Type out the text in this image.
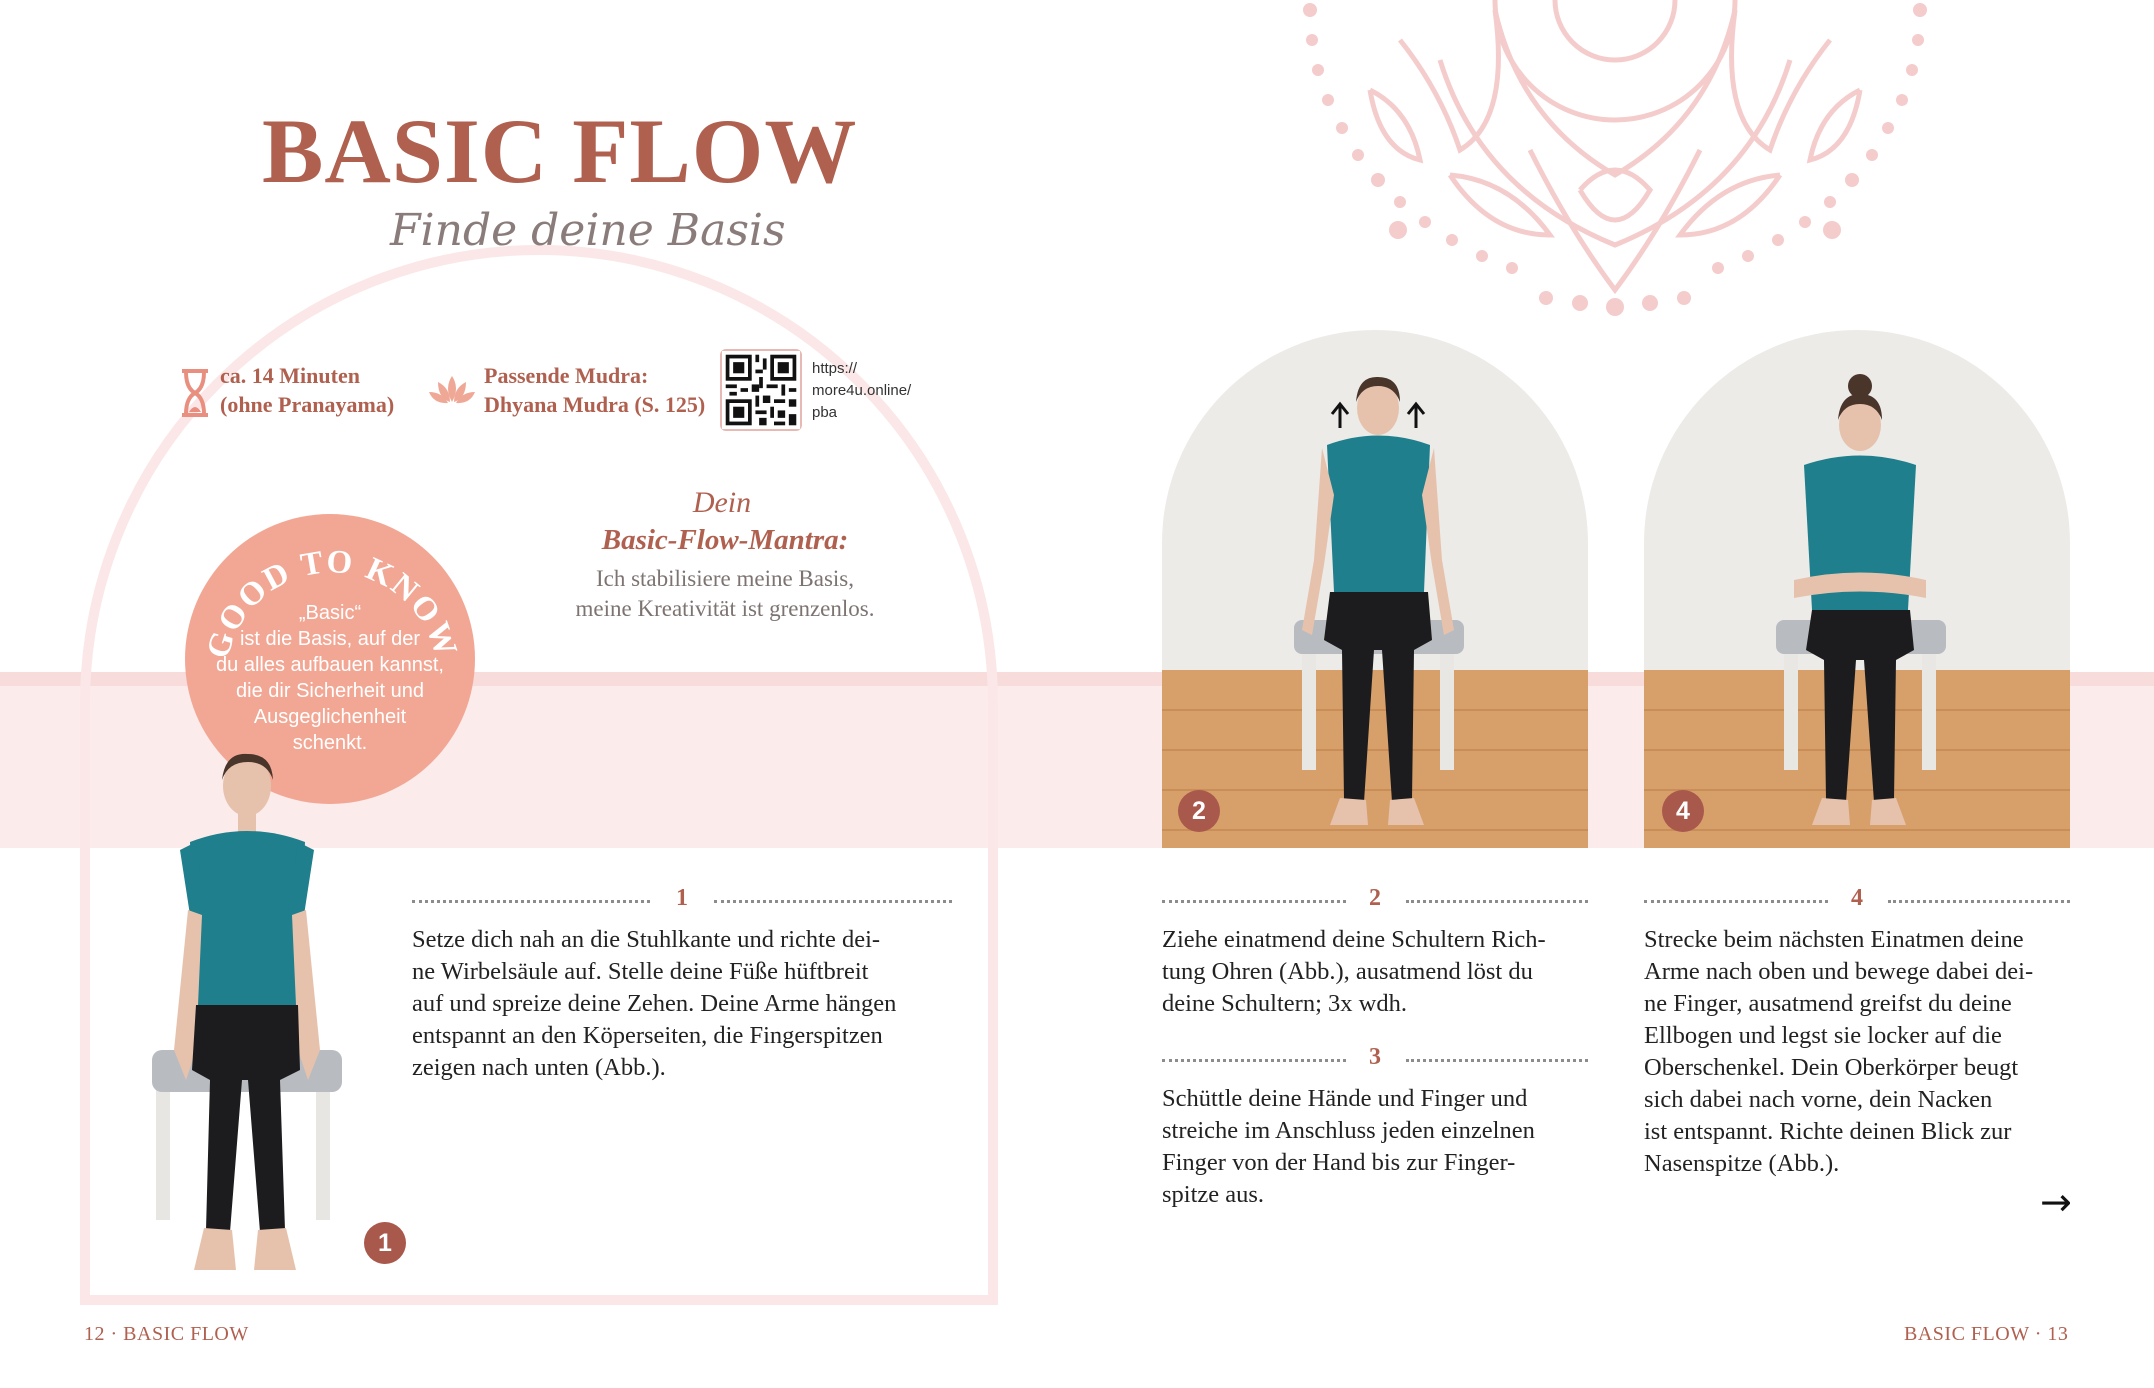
BASIC FLOW
Finde deine Basis
ca. 14 Minuten
(ohne Pranayama)
Passende Mudra:
Dhyana Mudra (S. 125)
https://
more4u.online/
pba
Dein
Basic-Flow-Mantra:
Ich stabilisiere meine Basis,
meine Kreativität ist grenzenlos.
GOOD TO KNOW
„Basic“
ist die Basis, auf der
du alles aufbauen kannst,
die dir Sicherheit und
Ausgeglichenheit
schenkt.
1
2	4
1
Setze dich nah an die Stuhlkante und richte dei-
ne Wirbelsäule auf. Stelle deine Füße hüftbreit
auf und spreize deine Zehen. Deine Arme hängen
entspannt an den Köperseiten, die Fingerspitzen
zeigen nach unten (Abb.).
2
Ziehe einatmend deine Schultern Rich-
tung Ohren (Abb.), ausatmend löst du
deine Schultern; 3x wdh.
3
Schüttle deine Hände und Finger und
streiche im Anschluss jeden einzelnen
Finger von der Hand bis zur Finger-
spitze aus.
4
Strecke beim nächsten Einatmen deine
Arme nach oben und bewege dabei dei-
ne Finger, ausatmend greifst du deine
Ellbogen und legst sie locker auf die
Oberschenkel. Dein Oberkörper beugt
sich dabei nach vorne, dein Nacken
ist entspannt. Richte deinen Blick zur
Nasenspitze (Abb.).
→
12 · BASIC FLOW	BASIC FLOW · 13
